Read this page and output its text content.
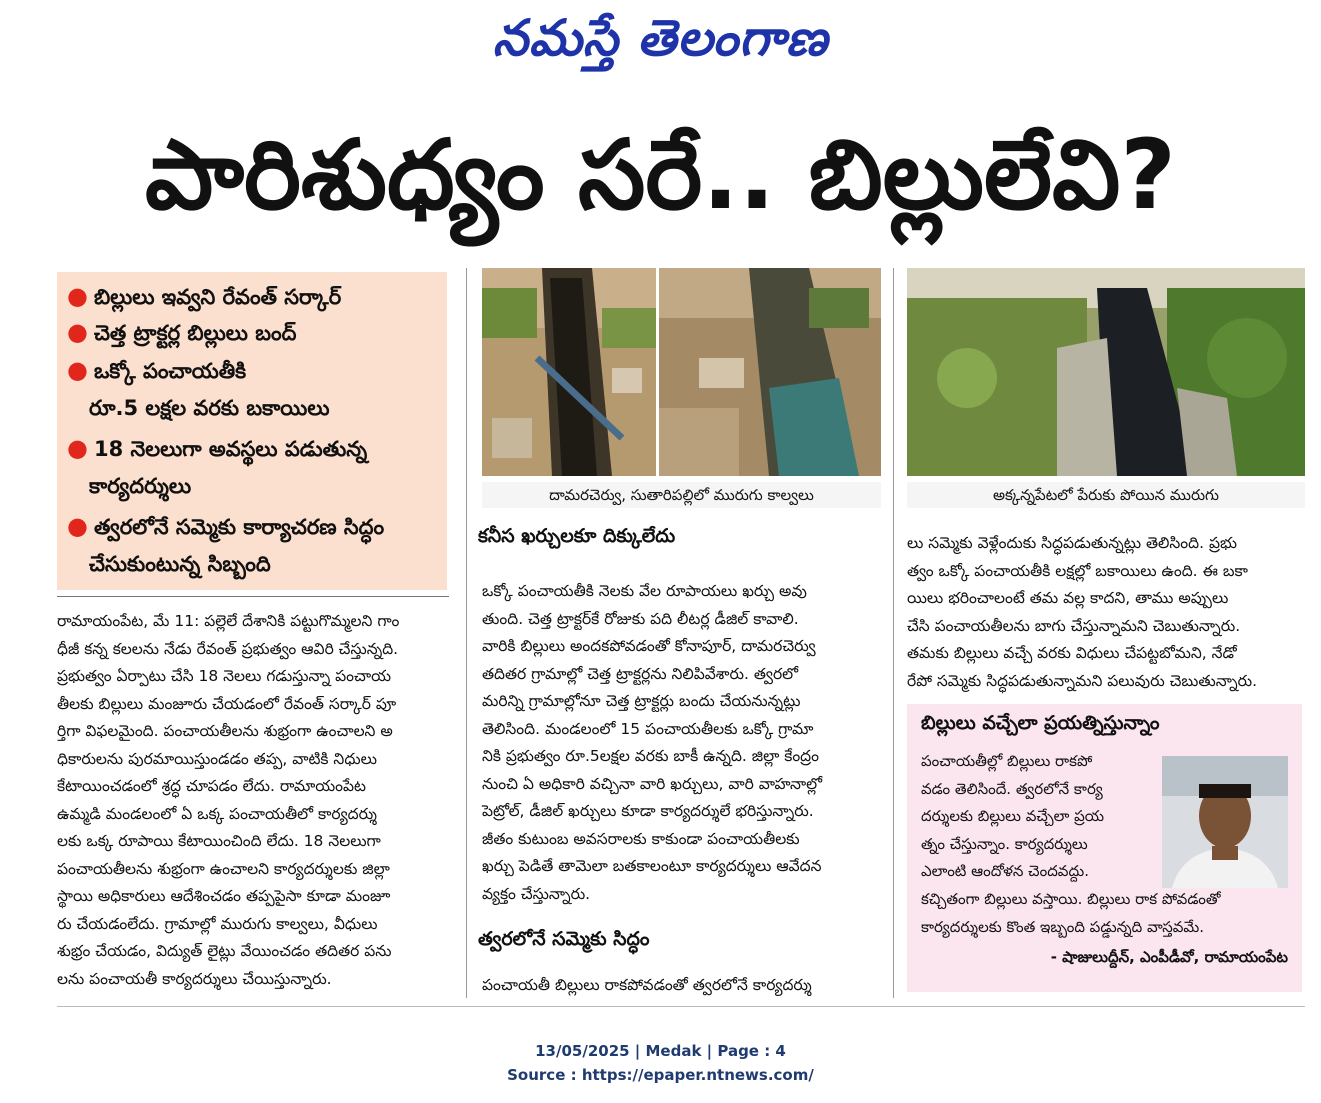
నమస్తే తెలంగాణ
పారిశుధ్యం సరే.. బిల్లులేవి?
● బిల్లులు ఇవ్వని రేవంత్ సర్కార్
● చెత్త ట్రాక్టర్ల బిల్లులు బంద్
● ఒక్కో పంచాయతీకి
రూ.5 లక్షల వరకు బకాయిలు
● 18 నెలలుగా అవస్థలు పడుతున్న
కార్యదర్శులు
● త్వరలోనే సమ్మెకు కార్యాచరణ సిద్ధం
చేసుకుంటున్న సిబ్బంది
దామరచెర్వు, సుతారిపల్లిలో మురుగు కాల్వలు	అక్కన్నపేటలో పేరుకు పోయిన మురుగు

రామాయంపేట, మే 11: పల్లెలే దేశానికి పట్టుగొమ్మలని గాం

ధీజీ కన్న కలలను నేడు రేవంత్ ప్రభుత్వం ఆవిరి చేస్తున్నది.

ప్రభుత్వం ఏర్పాటు చేసి 18 నెలలు గడుస్తున్నా పంచాయ

తీలకు బిల్లులు మంజూరు చేయడంలో రేవంత్ సర్కార్ పూ

ర్తిగా విఫలమైంది. పంచాయతీలను శుభ్రంగా ఉంచాలని అ

ధికారులను పురమాయిస్తుండడం తప్ప, వాటికి నిధులు

కేటాయించడంలో శ్రద్ధ చూపడం లేదు. రామాయంపేట

ఉమ్మడి మండలంలో ఏ ఒక్క పంచాయతీలో కార్యదర్శు

లకు ఒక్క రూపాయి కేటాయించింది లేదు. 18 నెలలుగా

పంచాయతీలను శుభ్రంగా ఉంచాలని కార్యదర్శులకు జిల్లా

స్థాయి అధికారులు ఆదేశించడం తప్పపైసా కూడా మంజూ

రు చేయడంలేదు. గ్రామాల్లో మురుగు కాల్వలు, వీధులు

శుభ్రం చేయడం, విద్యుత్ లైట్లు వేయించడం తదితర పను

లను పంచాయతీ కార్యదర్శులు చేయిస్తున్నారు.

కనీస ఖర్చులకూ దిక్కులేదు

ఒక్కో పంచాయతీకి నెలకు వేల రూపాయలు ఖర్చు అవు

తుంది. చెత్త ట్రాక్టర్‌కే రోజుకు పది లీటర్ల డీజిల్ కావాలి.

వారికి బిల్లులు అందకపోవడంతో కోనాపూర్, దామరచెర్వు

తదితర గ్రామాల్లో చెత్త ట్రాక్టర్లను నిలిపివేశారు. త్వరలో

మరిన్ని గ్రామాల్లోనూ చెత్త ట్రాక్టర్లు బందు చేయనున్నట్లు

తెలిసింది. మండలంలో 15 పంచాయతీలకు ఒక్కో గ్రామా

నికి ప్రభుత్వం రూ.5లక్షల వరకు బాకీ ఉన్నది. జిల్లా కేంద్రం

నుంచి ఏ అధికారి వచ్చినా వారి ఖర్చులు, వారి వాహనాల్లో

పెట్రోల్, డీజిల్ ఖర్చులు కూడా కార్యదర్శులే భరిస్తున్నారు.

జీతం కుటుంబ అవసరాలకు కాకుండా పంచాయతీలకు

ఖర్చు పెడితే తామెలా బతకాలంటూ కార్యదర్శులు ఆవేదన

వ్యక్తం చేస్తున్నారు.

త్వరలోనే సమ్మెకు సిద్ధం

పంచాయతీ బిల్లులు రాకపోవడంతో త్వరలోనే కార్యదర్శు

లు సమ్మెకు వెళ్లేందుకు సిద్ధపడుతున్నట్లు తెలిసింది. ప్రభు

త్వం ఒక్కో పంచాయతీకి లక్షల్లో బకాయిలు ఉంది. ఈ బకా

యిలు భరించాలంటే తమ వల్ల కాదని, తాము అప్పులు

చేసి పంచాయతీలను బాగు చేస్తున్నామని చెబుతున్నారు.

తమకు బిల్లులు వచ్చే వరకు విధులు చేపట్టబోమని, నేడో

రేపో సమ్మెకు సిద్ధపడుతున్నామని పలువురు చెబుతున్నారు.

బిల్లులు వచ్చేలా ప్రయత్నిస్తున్నాం

పంచాయతీల్లో బిల్లులు రాకపో

వడం తెలిసిందే. త్వరలోనే కార్య

దర్శులకు బిల్లులు వచ్చేలా ప్రయ

త్నం చేస్తున్నాం. కార్యదర్శులు

ఎలాంటి ఆందోళన చెందవద్దు.

కచ్చితంగా బిల్లులు వస్తాయి. బిల్లులు రాక పోవడంతో

కార్యదర్శులకు కొంత ఇబ్బంది పడ్డున్నది వాస్తవమే.

- షాజులుద్దీన్, ఎంపీడీవో, రామాయంపేట
13/05/2025 | Medak | Page : 4
Source : https://epaper.ntnews.com/
